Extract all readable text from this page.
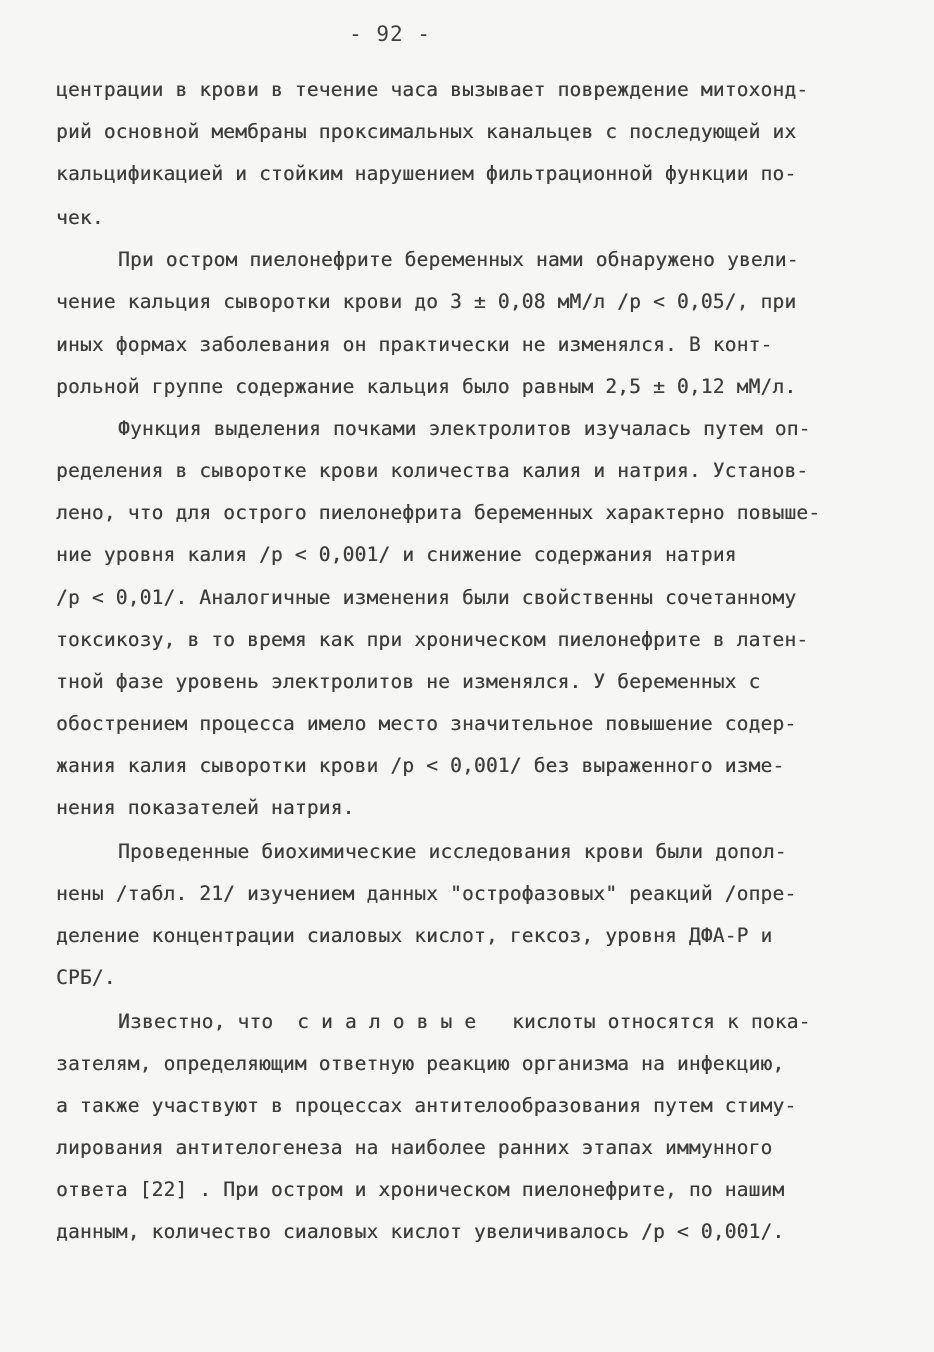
- 92 -
центрации в крови в течение часа вызывает повреждение митохонд-
рий основной мембраны проксимальных канальцев с последующей их
кальцификацией и стойким нарушением фильтрационной функции по-
чек.
При остром пиелонефрите беременных нами обнаружено увели-
чение кальция сыворотки крови до 3 ± 0,08 мМ/л /р < 0,05/, при
иных формах заболевания он практически не изменялся. В конт-
рольной группе содержание кальция было равным 2,5 ± 0,12 мМ/л.
Функция выделения почками электролитов изучалась путем оп-
ределения в сыворотке крови количества калия и натрия. Установ-
лено, что для острого пиелонефрита беременных характерно повыше-
ние уровня калия /р < 0,001/ и снижение содержания натрия
/р < 0,01/. Аналогичные изменения были свойственны сочетанному
токсикозу, в то время как при хроническом пиелонефрите в латен-
тной фазе уровень электролитов не изменялся. У беременных с
обострением процесса имело место значительное повышение содер-
жания калия сыворотки крови /р < 0,001/ без выраженного изме-
нения показателей натрия.
Проведенные биохимические исследования крови были допол-
нены /табл. 21/ изучением данных "острофазовых" реакций /опре-
деление концентрации сиаловых кислот, гексоз, уровня ДФА-Р и
СРБ/.
Известно, что  с и а л о в ы е   кислоты относятся к пока-
зателям, определяющим ответную реакцию организма на инфекцию,
а также участвуют в процессах антителообразования путем стиму-
лирования антителогенеза на наиболее ранних этапах иммунного
ответа [22] . При остром и хроническом пиелонефрите, по нашим
данным, количество сиаловых кислот увеличивалось /р < 0,001/.
